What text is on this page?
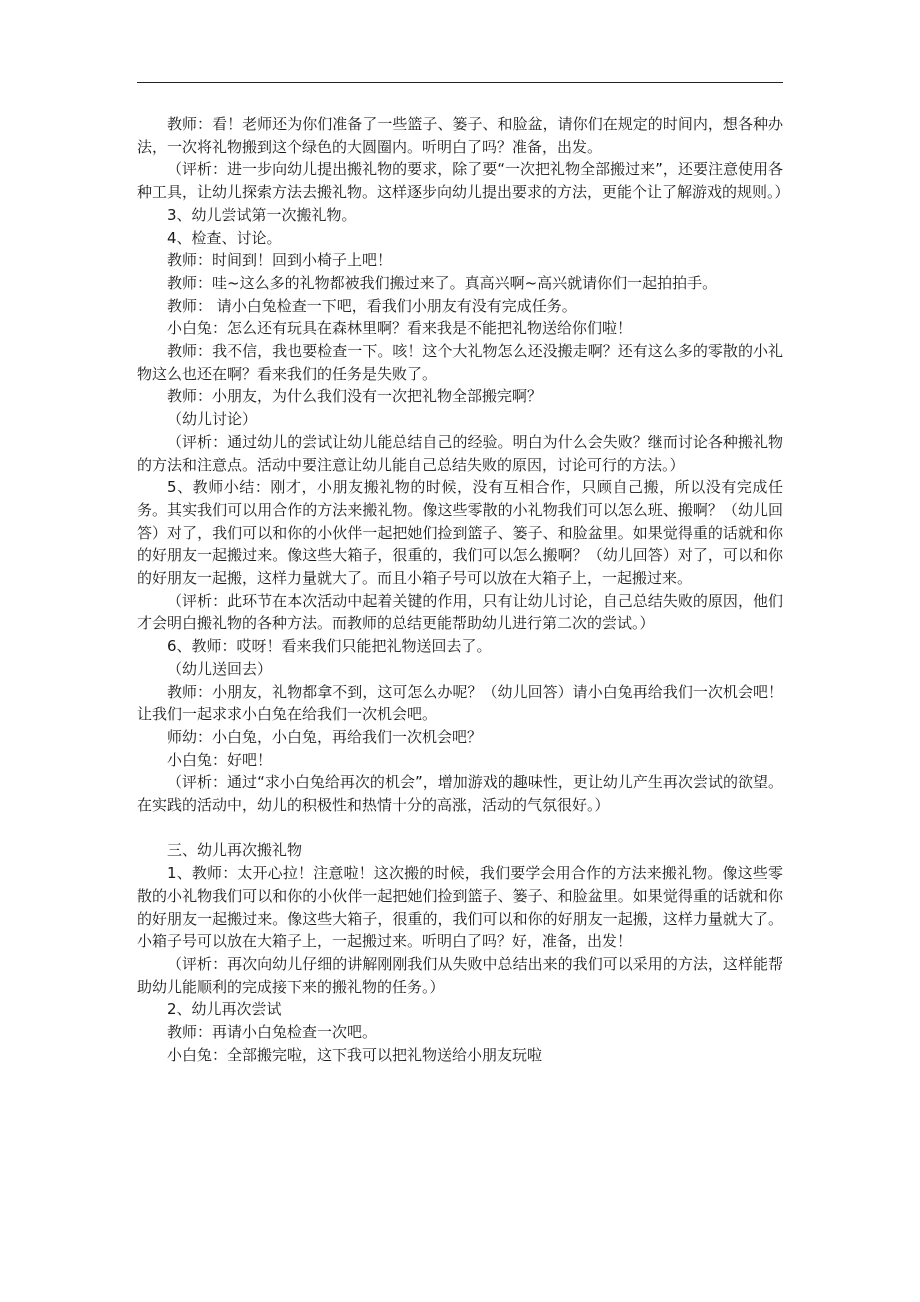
教师：看！老师还为你们准备了一些篮子、篓子、和脸盆，请你们在规定的时间内，想各种办法，一次将礼物搬到这个绿色的大圆圈内。听明白了吗？准备，出发。

（评析：进一步向幼儿提出搬礼物的要求，除了要“一次把礼物全部搬过来”，还要注意使用各种工具，让幼儿探索方法去搬礼物。这样逐步向幼儿提出要求的方法，更能个让了解游戏的规则。）

3、幼儿尝试第一次搬礼物。

4、检查、讨论。

教师：时间到！回到小椅子上吧！

教师：哇~这么多的礼物都被我们搬过来了。真高兴啊~高兴就请你们一起拍拍手。

教师： 请小白兔检查一下吧，看我们小朋友有没有完成任务。

小白兔：怎么还有玩具在森林里啊？看来我是不能把礼物送给你们啦！

教师：我不信，我也要检查一下。咳！这个大礼物怎么还没搬走啊？还有这么多的零散的小礼物这么也还在啊？看来我们的任务是失败了。

教师：小朋友，为什么我们没有一次把礼物全部搬完啊？

（幼儿讨论）

（评析：通过幼儿的尝试让幼儿能总结自己的经验。明白为什么会失败？继而讨论各种搬礼物的方法和注意点。活动中要注意让幼儿能自己总结失败的原因，讨论可行的方法。）

5、教师小结：刚才，小朋友搬礼物的时候，没有互相合作，只顾自己搬，所以没有完成任务。其实我们可以用合作的方法来搬礼物。像这些零散的小礼物我们可以怎么班、搬啊？（幼儿回答）对了，我们可以和你的小伙伴一起把她们捡到篮子、篓子、和脸盆里。如果觉得重的话就和你的好朋友一起搬过来。像这些大箱子，很重的，我们可以怎么搬啊？（幼儿回答）对了，可以和你的好朋友一起搬，这样力量就大了。而且小箱子号可以放在大箱子上，一起搬过来。

（评析：此环节在本次活动中起着关键的作用，只有让幼儿讨论，自己总结失败的原因，他们才会明白搬礼物的各种方法。而教师的总结更能帮助幼儿进行第二次的尝试。）

6、教师：哎呀！看来我们只能把礼物送回去了。

（幼儿送回去）

教师：小朋友，礼物都拿不到，这可怎么办呢？（幼儿回答）请小白兔再给我们一次机会吧！让我们一起求求小白兔在给我们一次机会吧。

师幼：小白兔，小白兔，再给我们一次机会吧？

小白兔：好吧！

（评析：通过“求小白兔给再次的机会”，增加游戏的趣味性，更让幼儿产生再次尝试的欲望。在实践的活动中，幼儿的积极性和热情十分的高涨，活动的气氛很好。）

三、幼儿再次搬礼物

1、教师：太开心拉！注意啦！这次搬的时候，我们要学会用合作的方法来搬礼物。像这些零散的小礼物我们可以和你的小伙伴一起把她们捡到篮子、篓子、和脸盆里。如果觉得重的话就和你的好朋友一起搬过来。像这些大箱子，很重的，我们可以和你的好朋友一起搬，这样力量就大了。小箱子号可以放在大箱子上，一起搬过来。听明白了吗？好，准备，出发！

（评析：再次向幼儿仔细的讲解刚刚我们从失败中总结出来的我们可以采用的方法，这样能帮助幼儿能顺利的完成接下来的搬礼物的任务。）

2、幼儿再次尝试

教师：再请小白兔检查一次吧。

小白兔：全部搬完啦，这下我可以把礼物送给小朋友玩啦
